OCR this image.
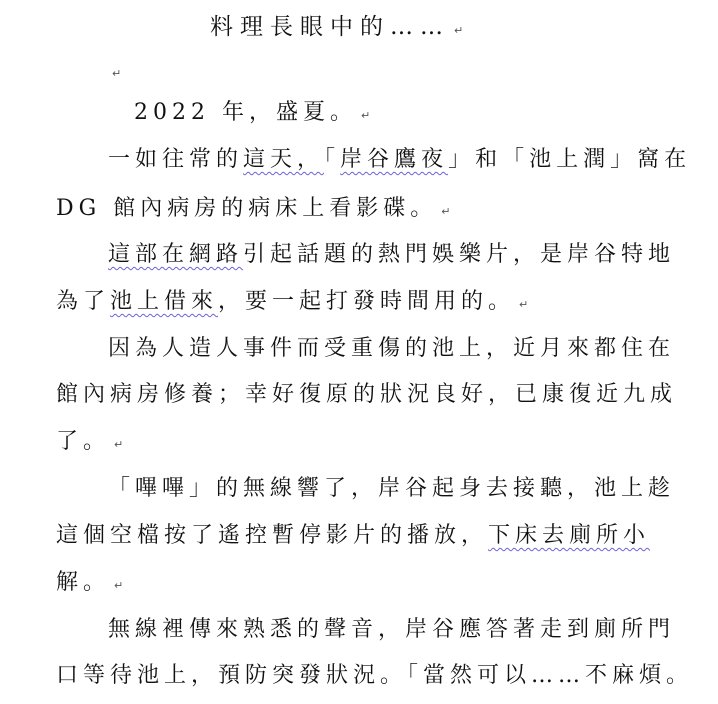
料理長眼中的…… ↵
↵
2022 年，盛夏。 ↵
一如往常的這天，「岸谷鷹夜」和「池上潤」窩在
DG 館內病房的病床上看影碟。 ↵
這部在網路引起話題的熱門娛樂片，是岸谷特地
為了池上借來，要一起打發時間用的。 ↵
因為人造人事件而受重傷的池上，近月來都住在
館內病房修養；幸好復原的狀況良好，已康復近九成
了。 ↵
「嗶嗶」的無線響了，岸谷起身去接聽，池上趁
這個空檔按了遙控暫停影片的播放，下床去廁所小
解。 ↵
無線裡傳來熟悉的聲音，岸谷應答著走到廁所門
口等待池上，預防突發狀況。「當然可以……不麻煩。
